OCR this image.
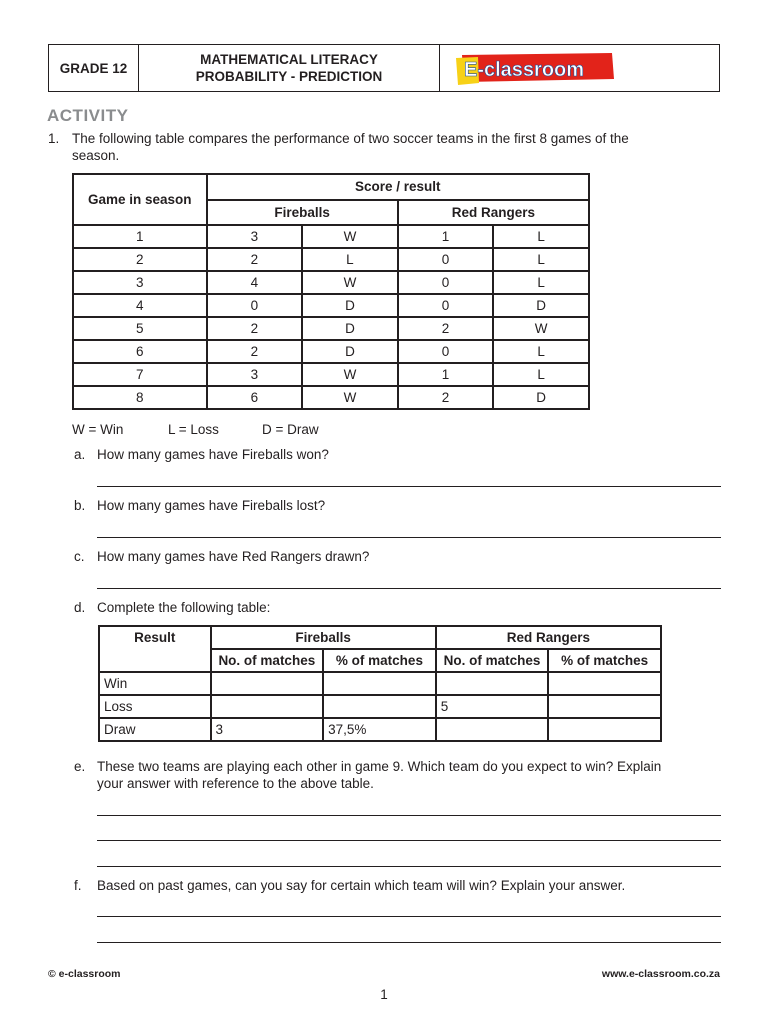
GRADE 12
MATHEMATICAL LITERACY
PROBABILITY - PREDICTION	E-classroom
ACTIVITY
1. The following table compares the performance of two soccer teams in the first 8 games of the
season.
Game in season	Score / result			
	Fireballs		Red Rangers	
1	3	W	1	L
2	2	L	0	L
3	4	W	0	L
4	0	D	0	D
5	2	D	2	W
6	2	D	0	L
7	3	W	1	L
8	6	W	2	D
W = Win	L = Loss	D = Draw
a. How many games have Fireballs won?
b. How many games have Fireballs lost?
c. How many games have Red Rangers drawn?
d. Complete the following table:
Result	Fireballs		Red Rangers	
	No. of matches	% of matches	No. of matches	% of matches
Win				
Loss			5	
Draw	3	37,5%		
e. These two teams are playing each other in game 9. Which team do you expect to win? Explain
your answer with reference to the above table.
f. Based on past games, can you say for certain which team will win? Explain your answer.
© e-classroom	www.e-classroom.co.za
1
